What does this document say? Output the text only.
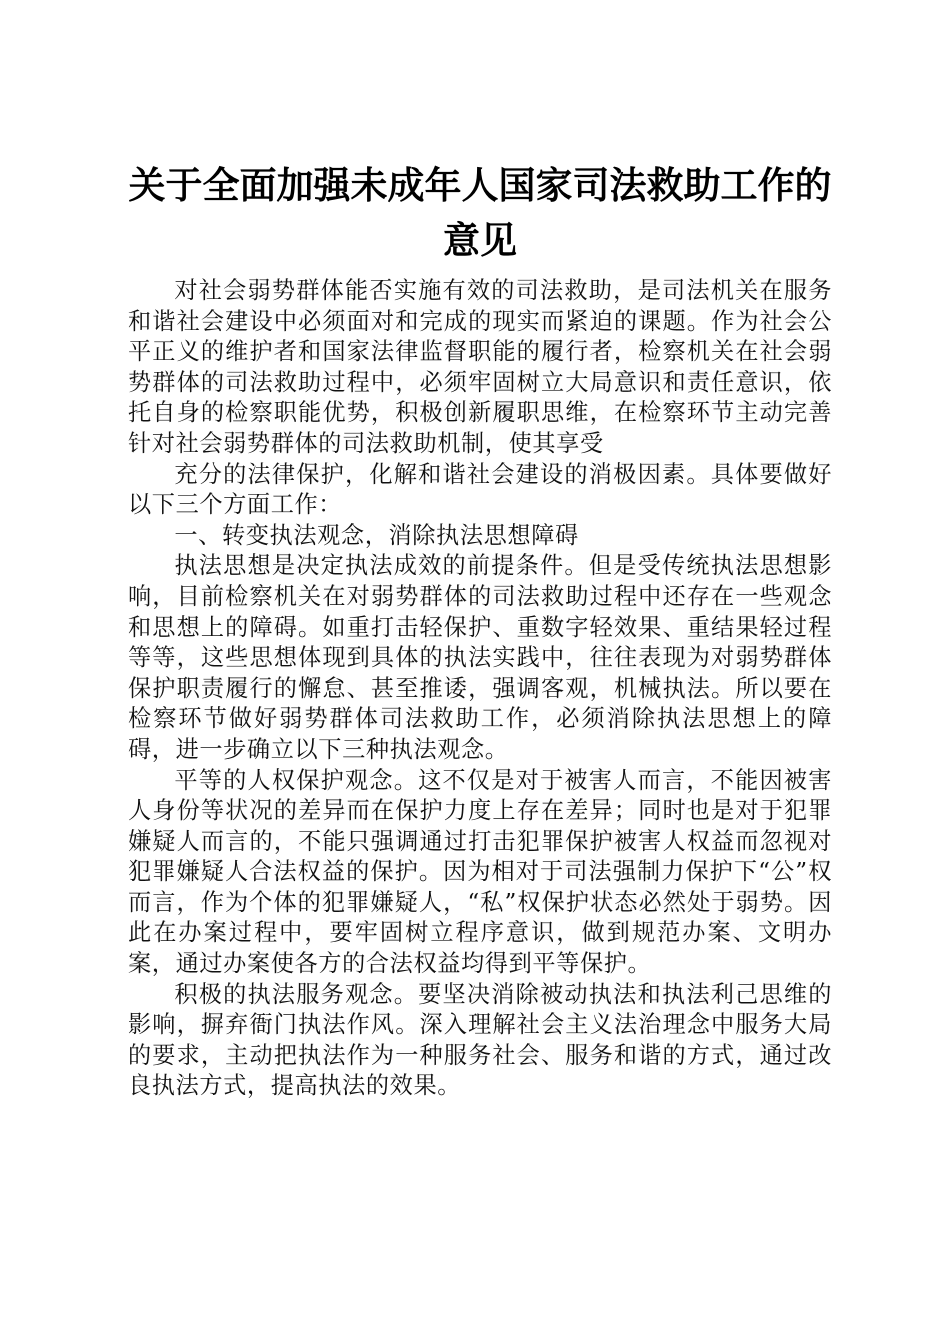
关于全面加强未成年人国家司法救助工作的意见

对社会弱势群体能否实施有效的司法救助，是司法机关在服务和谐社会建设中必须面对和完成的现实而紧迫的课题。作为社会公平正义的维护者和国家法律监督职能的履行者，检察机关在社会弱势群体的司法救助过程中，必须牢固树立大局意识和责任意识，依托自身的检察职能优势，积极创新履职思维，在检察环节主动完善针对社会弱势群体的司法救助机制，使其享受

充分的法律保护，化解和谐社会建设的消极因素。具体要做好以下三个方面工作：

一、转变执法观念，消除执法思想障碍

执法思想是决定执法成效的前提条件。但是受传统执法思想影响，目前检察机关在对弱势群体的司法救助过程中还存在一些观念和思想上的障碍。如重打击轻保护、重数字轻效果、重结果轻过程等等，这些思想体现到具体的执法实践中，往往表现为对弱势群体保护职责履行的懈怠、甚至推诿，强调客观，机械执法。所以要在检察环节做好弱势群体司法救助工作，必须消除执法思想上的障碍，进一步确立以下三种执法观念。

平等的人权保护观念。这不仅是对于被害人而言，不能因被害人身份等状况的差异而在保护力度上存在差异；同时也是对于犯罪嫌疑人而言的，不能只强调通过打击犯罪保护被害人权益而忽视对犯罪嫌疑人合法权益的保护。因为相对于司法强制力保护下“公”权而言，作为个体的犯罪嫌疑人，“私”权保护状态必然处于弱势。因此在办案过程中，要牢固树立程序意识，做到规范办案、文明办案，通过办案使各方的合法权益均得到平等保护。

积极的执法服务观念。要坚决消除被动执法和执法利己思维的影响，摒弃衙门执法作风。深入理解社会主义法治理念中服务大局的要求，主动把执法作为一种服务社会、服务和谐的方式，通过改良执法方式，提高执法的效果。
